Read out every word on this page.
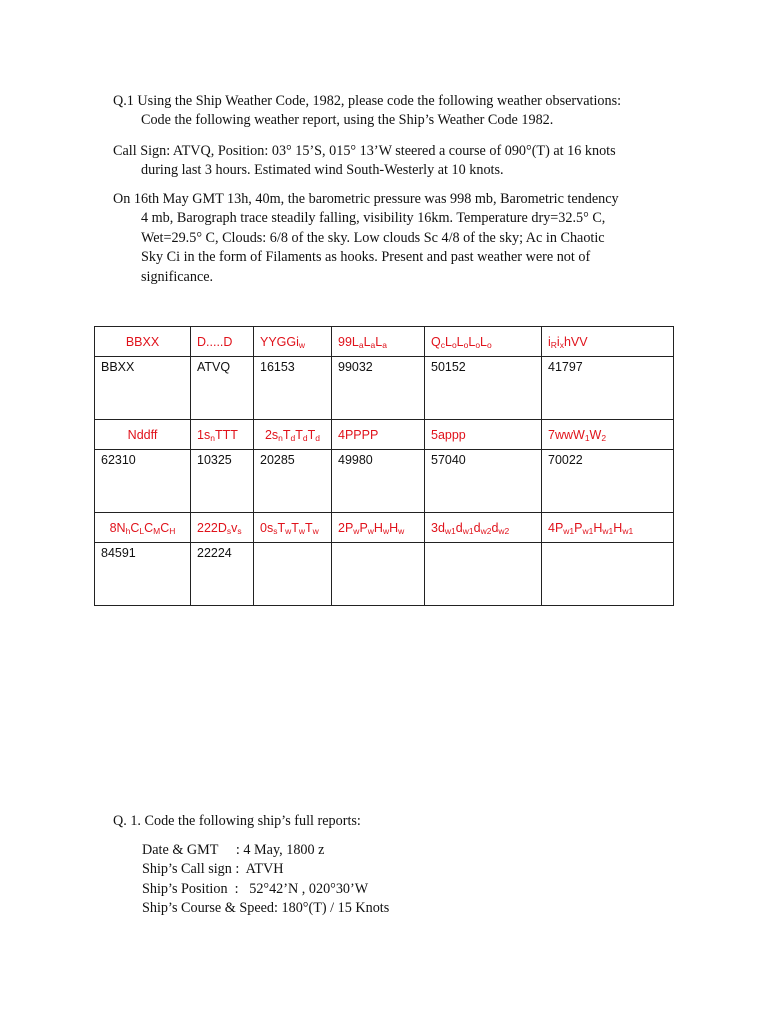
Q.1 Using the Ship Weather Code, 1982, please code the following weather observations:
Code the following weather report, using the Ship’s Weather Code 1982.
Call Sign: ATVQ, Position: 03° 15’S, 015° 13’W steered a course of 090°(T) at 16 knots
during last 3 hours. Estimated wind South-Westerly at 10 knots.
On 16th May GMT 13h, 40m, the barometric pressure was 998 mb, Barometric tendency
4 mb, Barograph trace steadily falling, visibility 16km. Temperature dry=32.5° C,
Wet=29.5° C, Clouds: 6/8 of the sky. Low clouds Sc 4/8 of the sky; Ac in Chaotic
Sky Ci in the form of Filaments as hooks. Present and past weather were not of
significance.
BBXX	D.....D	YYGGi$_w$	$99L_aL_aL_a$	$Q_cL_oL_oL_oL_o$	$i_Ri_xhVV$
BBXX	ATVQ	16153	99032	50152	41797
Nddff	$1s_nTTT$	$2s_nT_dT_dT_d$	4PPPP	5appp	$7wwW_1W_2$
62310	10325	20285	49980	57040	70022
$8N_hC_LC_MC_H$	$222D_sv_s$	$0s_sT_wT_wT_w$	$2P_wP_wH_wH_w$	$3d_{w1}d_{w1}d_{w2}d_{w2}$	$4P_{w1}P_{w1}H_{w1}H_{w1}$
84591	22224				
Q. 1. Code the following ship’s full reports:
Date & GMT     : 4 May, 1800 z
Ship’s Call sign :  ATVH
Ship’s Position  :   52°42’N , 020°30’W
Ship’s Course & Speed: 180°(T) / 15 Knots
